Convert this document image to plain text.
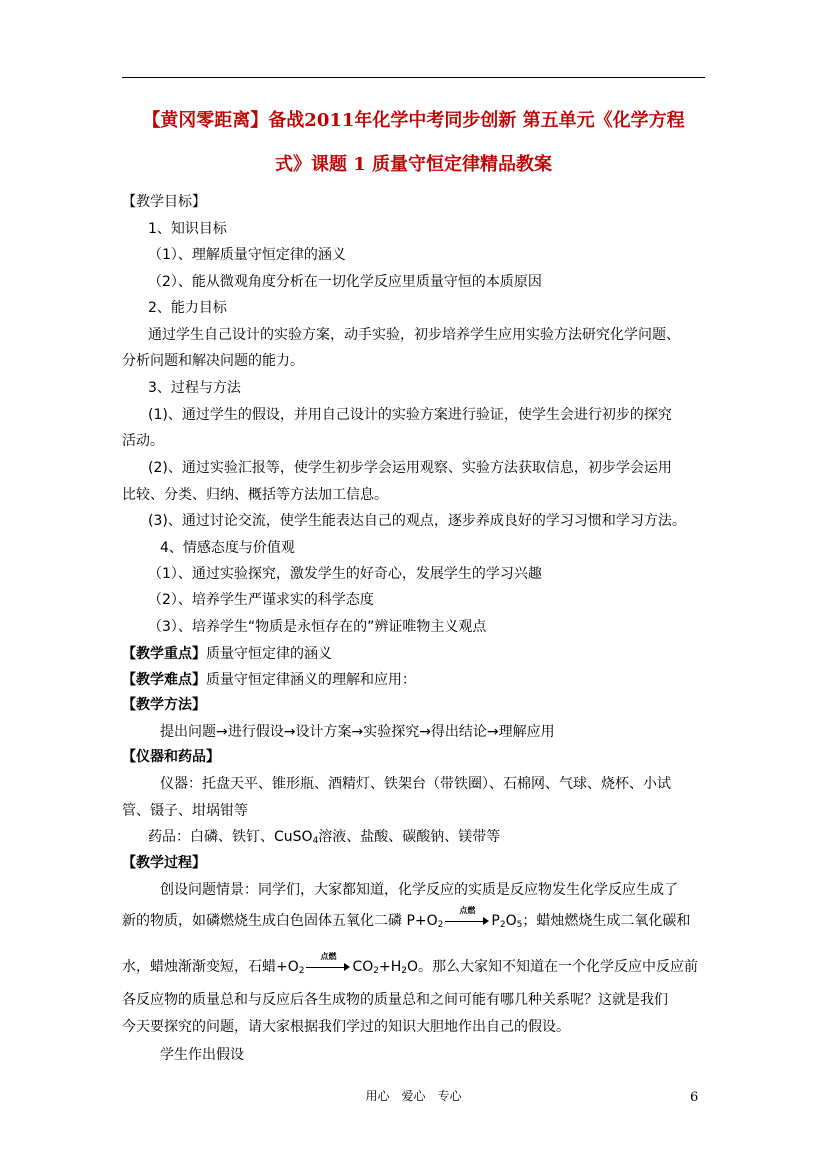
【黄冈零距离】备战2011年化学中考同步创新 第五单元《化学方程
式》课题 1 质量守恒定律精品教案
【教学目标】
1、知识目标
（1）、理解质量守恒定律的涵义
（2）、能从微观角度分析在一切化学反应里质量守恒的本质原因
2、能力目标
通过学生自己设计的实验方案，动手实验，初步培养学生应用实验方法研究化学问题、
分析问题和解决问题的能力。
3、过程与方法
(1)、通过学生的假设，并用自己设计的实验方案进行验证，使学生会进行初步的探究
活动。
(2)、通过实验汇报等，使学生初步学会运用观察、实验方法获取信息，初步学会运用
比较、分类、归纳、概括等方法加工信息。
(3)、通过讨论交流，使学生能表达自己的观点，逐步养成良好的学习习惯和学习方法。
4、情感态度与价值观
（1）、通过实验探究，激发学生的好奇心，发展学生的学习兴趣
（2）、培养学生严谨求实的科学态度
（3）、培养学生“物质是永恒存在的”辨证唯物主义观点
【教学重点】质量守恒定律的涵义
【教学难点】质量守恒定律涵义的理解和应用：
【教学方法】
提出问题→进行假设→设计方案→实验探究→得出结论→理解应用
【仪器和药品】
仪器：托盘天平、锥形瓶、酒精灯、铁架台（带铁圈）、石棉网、气球、烧杯、小试
管、镊子、坩埚钳等
药品：白磷、铁钉、CuSO$_4$溶液、盐酸、碳酸钠、镁带等
【教学过程】
创设问题情景：同学们，大家都知道，化学反应的实质是反应物发生化学反应生成了
新的物质，如磷燃烧生成白色固体五氧化二磷 $P+O_2$
点燃
$P_2O_5$；蜡烛燃烧生成二氧化碳和
水，蜡烛渐渐变短，石蜡$+O_2$
点燃
$CO_2+H_2O$。那么大家知不知道在一个化学反应中反应前
各反应物的质量总和与反应后各生成物的质量总和之间可能有哪几种关系呢？这就是我们
今天要探究的问题，请大家根据我们学过的知识大胆地作出自己的假设。
学生作出假设
用心　爱心　专心	6
